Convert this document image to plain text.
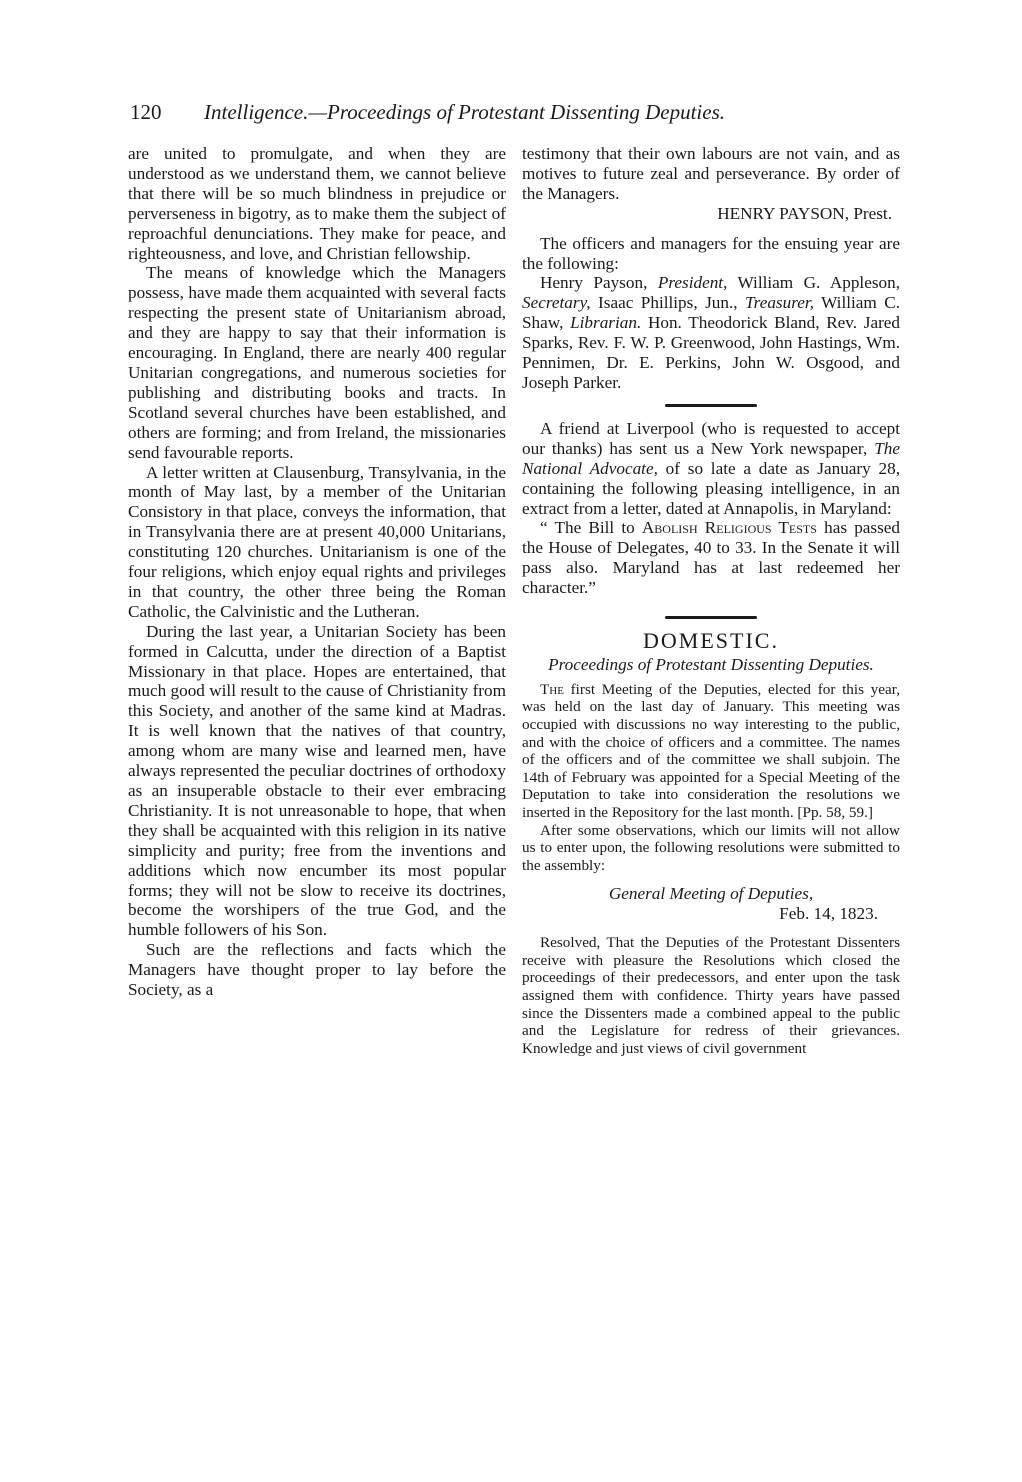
120 Intelligence.—Proceedings of Protestant Dissenting Deputies.

are united to promulgate, and when they are understood as we understand them, we cannot believe that there will be so much blindness in prejudice or perverseness in bigotry, as to make them the subject of reproachful denunciations. They make for peace, and righteousness, and love, and Christian fellowship.

The means of knowledge which the Managers possess, have made them acquainted with several facts respecting the present state of Unitarianism abroad, and they are happy to say that their information is encouraging. In England, there are nearly 400 regular Unitarian congregations, and numerous societies for publishing and distributing books and tracts. In Scotland several churches have been established, and others are forming; and from Ireland, the missionaries send favourable reports.

A letter written at Clausenburg, Transylvania, in the month of May last, by a member of the Unitarian Consistory in that place, conveys the information, that in Transylvania there are at present 40,000 Unitarians, constituting 120 churches. Unitarianism is one of the four religions, which enjoy equal rights and privileges in that country, the other three being the Roman Catholic, the Calvinistic and the Lutheran.

During the last year, a Unitarian Society has been formed in Calcutta, under the direction of a Baptist Missionary in that place. Hopes are entertained, that much good will result to the cause of Christianity from this Society, and another of the same kind at Madras. It is well known that the natives of that country, among whom are many wise and learned men, have always represented the peculiar doctrines of orthodoxy as an insuperable obstacle to their ever embracing Christianity. It is not unreasonable to hope, that when they shall be acquainted with this religion in its native simplicity and purity; free from the inventions and additions which now encumber its most popular forms; they will not be slow to receive its doctrines, become the worshipers of the true God, and the humble followers of his Son.

Such are the reflections and facts which the Managers have thought proper to lay before the Society, as a

testimony that their own labours are not vain, and as motives to future zeal and perseverance. By order of the Managers.

HENRY PAYSON, Prest.

The officers and managers for the ensuing year are the following:

Henry Payson, President, William G. Appleson, Secretary, Isaac Phillips, Jun., Treasurer, William C. Shaw, Librarian. Hon. Theodorick Bland, Rev. Jared Sparks, Rev. F. W. P. Greenwood, John Hastings, Wm. Pennimen, Dr. E. Perkins, John W. Osgood, and Joseph Parker.

A friend at Liverpool (who is requested to accept our thanks) has sent us a New York newspaper, The National Advocate, of so late a date as January 28, containing the following pleasing intelligence, in an extract from a letter, dated at Annapolis, in Maryland:

“ The Bill to Abolish Religious Tests has passed the House of Delegates, 40 to 33. In the Senate it will pass also. Maryland has at last redeemed her character.”

DOMESTIC.
Proceedings of Protestant Dissenting Deputies.

The first Meeting of the Deputies, elected for this year, was held on the last day of January. This meeting was occupied with discussions no way interesting to the public, and with the choice of officers and a committee. The names of the officers and of the committee we shall subjoin. The 14th of February was appointed for a Special Meeting of the Deputation to take into consideration the resolutions we inserted in the Repository for the last month. [Pp. 58, 59.]

After some observations, which our limits will not allow us to enter upon, the following resolutions were submitted to the assembly:

General Meeting of Deputies,
Feb. 14, 1823.

Resolved, That the Deputies of the Protestant Dissenters receive with pleasure the Resolutions which closed the proceedings of their predecessors, and enter upon the task assigned them with confidence. Thirty years have passed since the Dissenters made a combined appeal to the public and the Legislature for redress of their grievances. Knowledge and just views of civil government
